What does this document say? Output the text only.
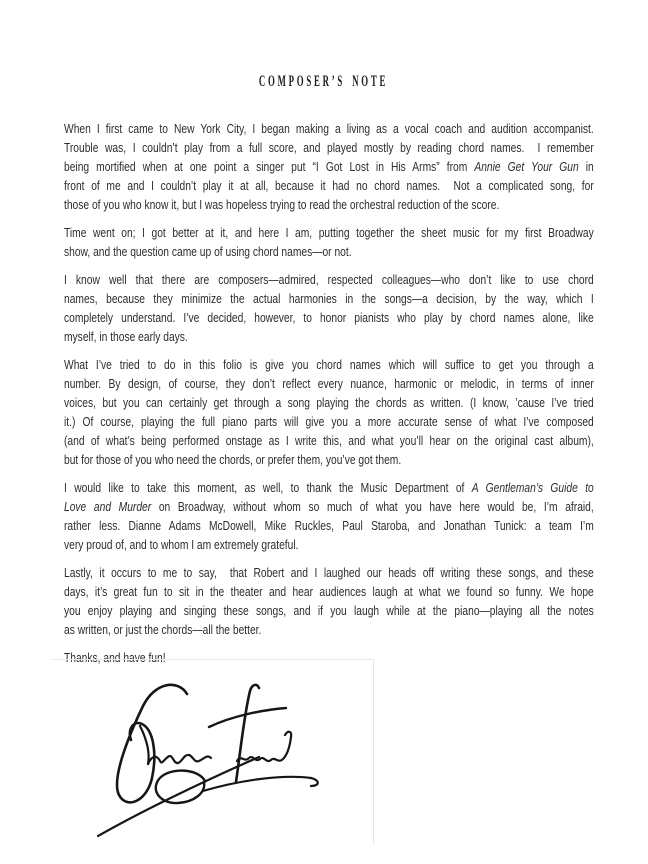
COMPOSER’S NOTE
When I first came to New York City, I began making a living as a vocal coach and audition accompanist.
Trouble was, I couldn’t play from a full score, and played mostly by reading chord names.  I remember
being mortified when at one point a singer put “I Got Lost in His Arms” from Annie Get Your Gun in
front of me and I couldn’t play it at all, because it had no chord names.  Not a complicated song, for
those of you who know it, but I was hopeless trying to read the orchestral reduction of the score.
Time went on; I got better at it, and here I am, putting together the sheet music for my first Broadway
show, and the question came up of using chord names—or not.
I know well that there are composers—admired, respected colleagues—who don’t like to use chord
names, because they minimize the actual harmonies in the songs—a decision, by the way, which I
completely understand. I’ve decided, however, to honor pianists who play by chord names alone, like
myself, in those early days.
What I’ve tried to do in this folio is give you chord names which will suffice to get you through a
number. By design, of course, they don’t reflect every nuance, harmonic or melodic, in terms of inner
voices, but you can certainly get through a song playing the chords as written. (I know, ’cause I’ve tried
it.) Of course, playing the full piano parts will give you a more accurate sense of what I’ve composed
(and of what’s being performed onstage as I write this, and what you’ll hear on the original cast album),
but for those of you who need the chords, or prefer them, you’ve got them.
I would like to take this moment, as well, to thank the Music Department of A Gentleman’s Guide to
Love and Murder on Broadway, without whom so much of what you have here would be, I’m afraid,
rather less. Dianne Adams McDowell, Mike Ruckles, Paul Staroba, and Jonathan Tunick: a team I’m
very proud of, and to whom I am extremely grateful.
Lastly, it occurs to me to say,  that Robert and I laughed our heads off writing these songs, and these
days, it’s great fun to sit in the theater and hear audiences laugh at what we found so funny. We hope
you enjoy playing and singing these songs, and if you laugh while at the piano—playing all the notes
as written, or just the chords—all the better.
Thanks, and have fun!
